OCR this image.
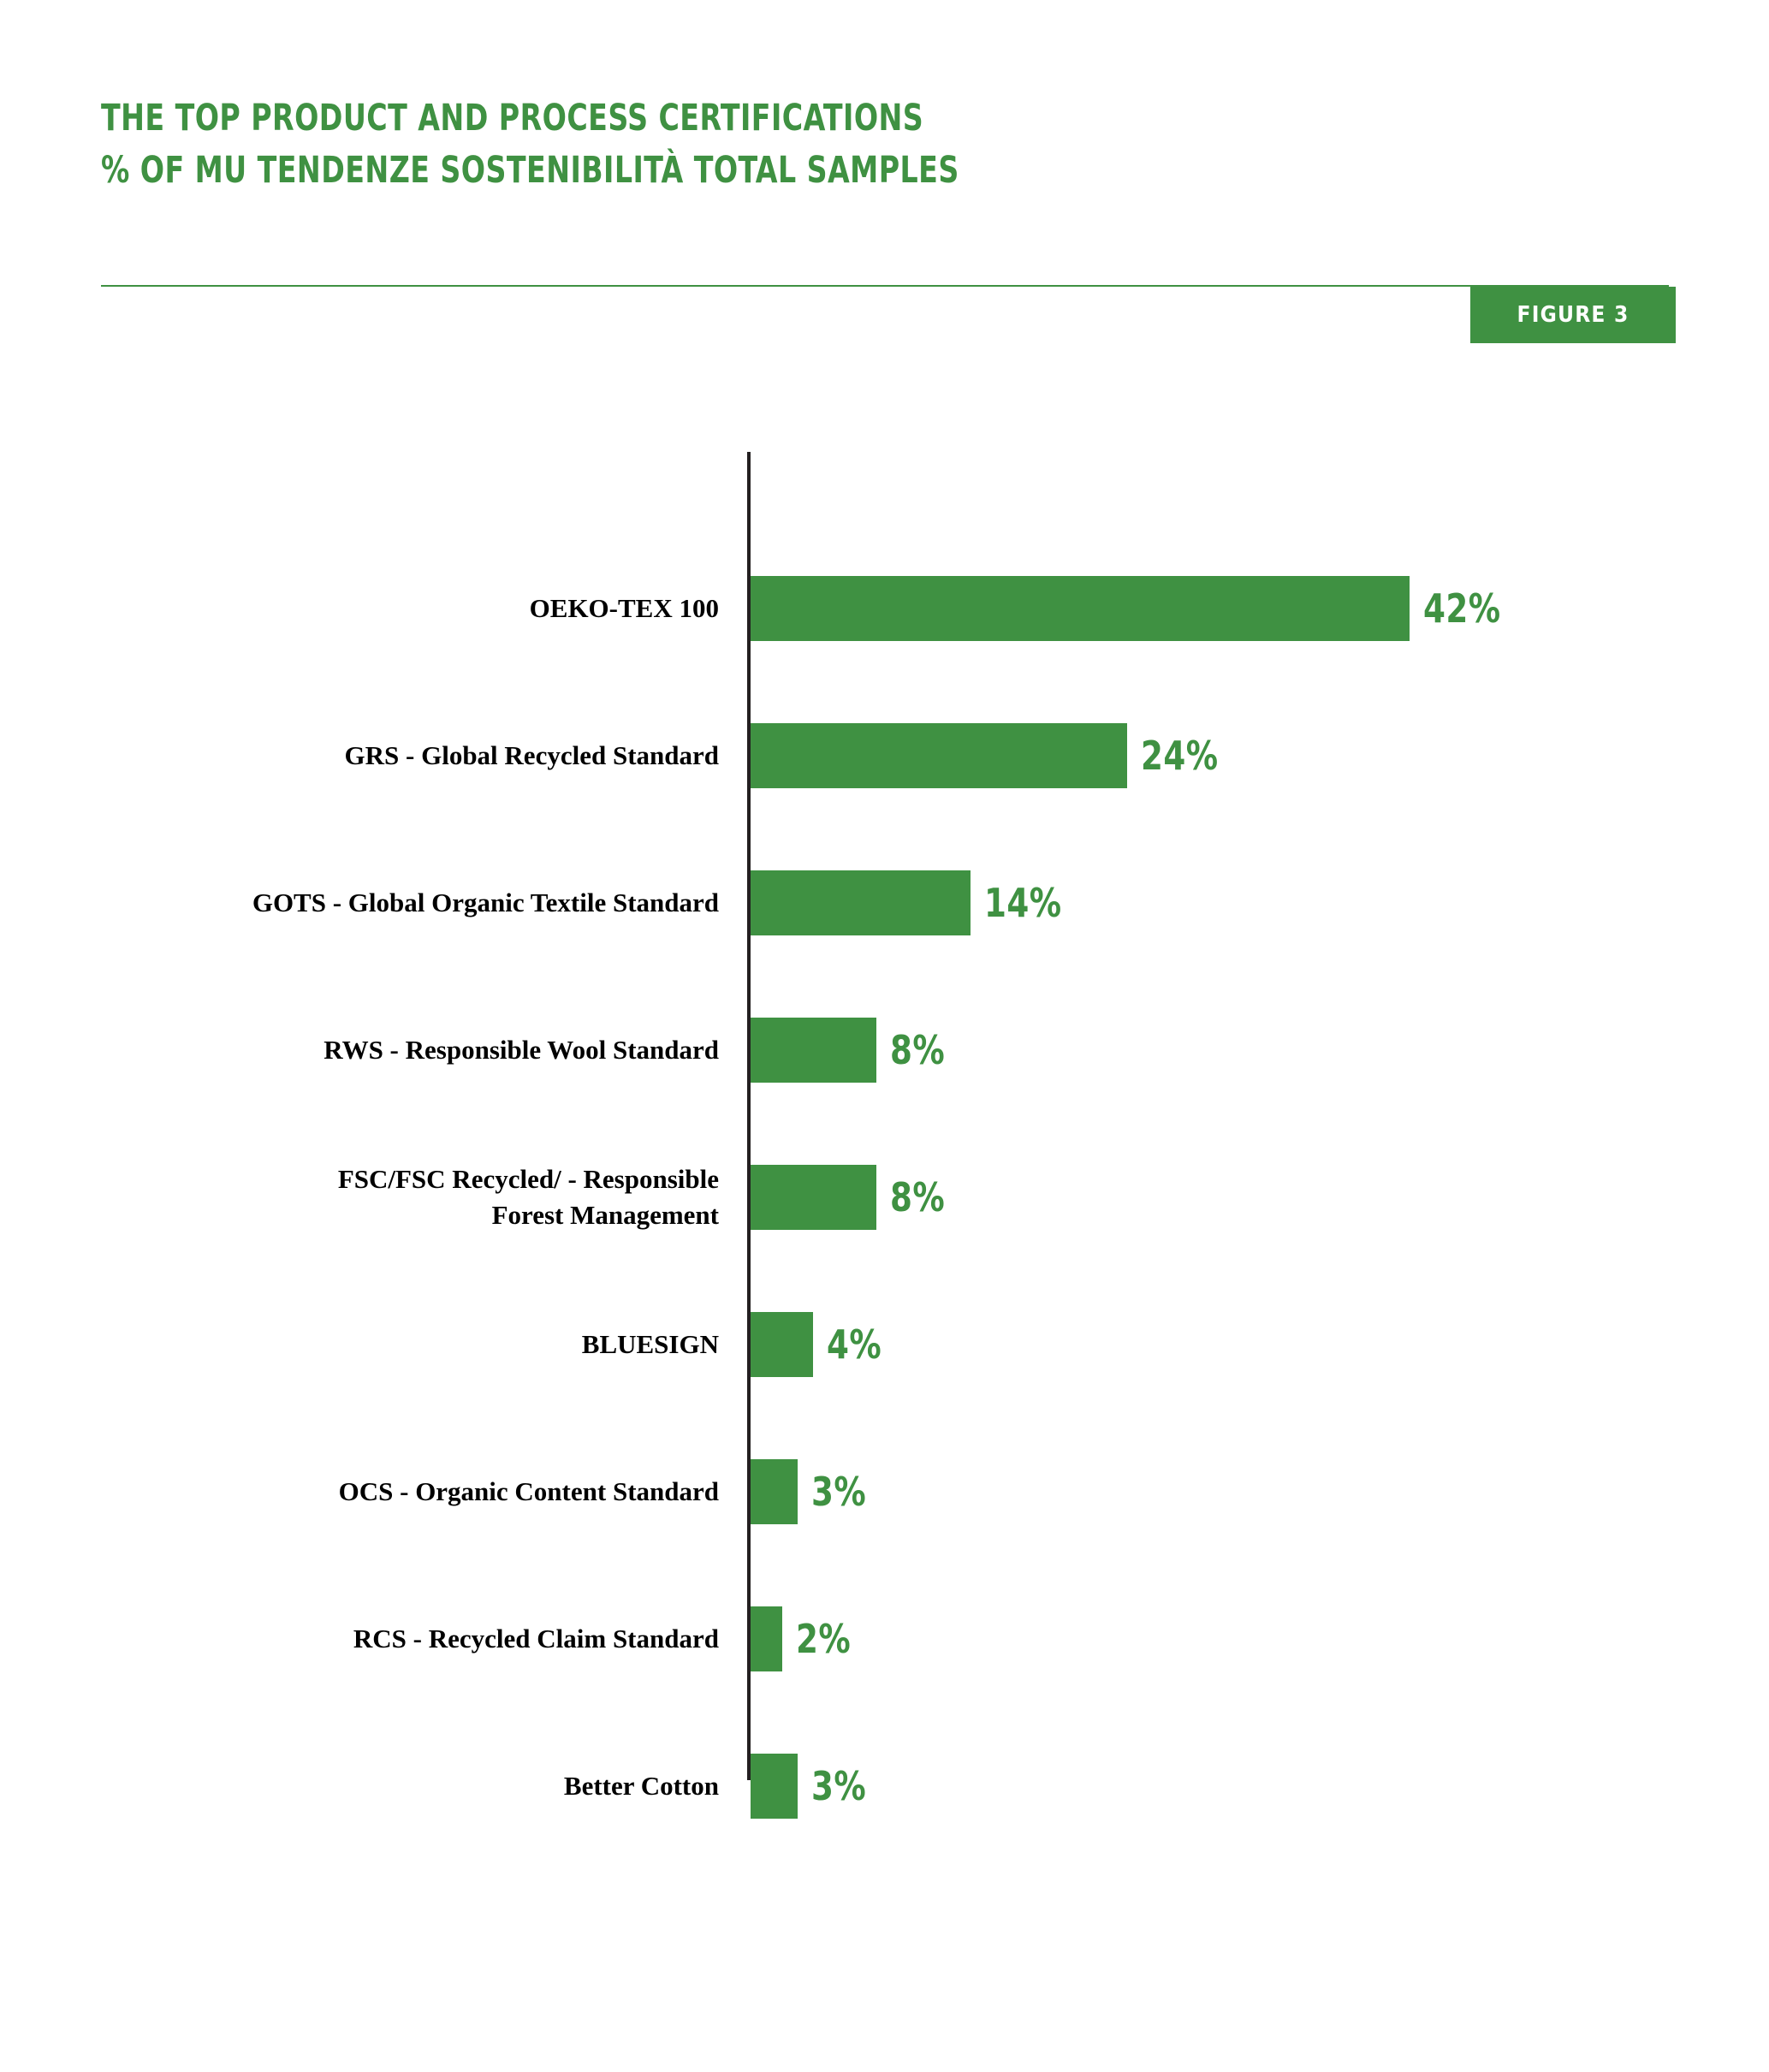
THE TOP PRODUCT AND PROCESS CERTIFICATIONS
% OF MU TENDENZE SOSTENIBILITÀ TOTAL SAMPLES
FIGURE 3
OEKO-TEX 100	42%
GRS - Global Recycled Standard	24%
GOTS - Global Organic Textile Standard	14%
RWS - Responsible Wool Standard	8%
FSC/FSC Recycled/ - Responsible
Forest Management	8%
BLUESIGN	4%
OCS - Organic Content Standard 3%
RCS - Recycled Claim Standard 2%
Better Cotton 3%
